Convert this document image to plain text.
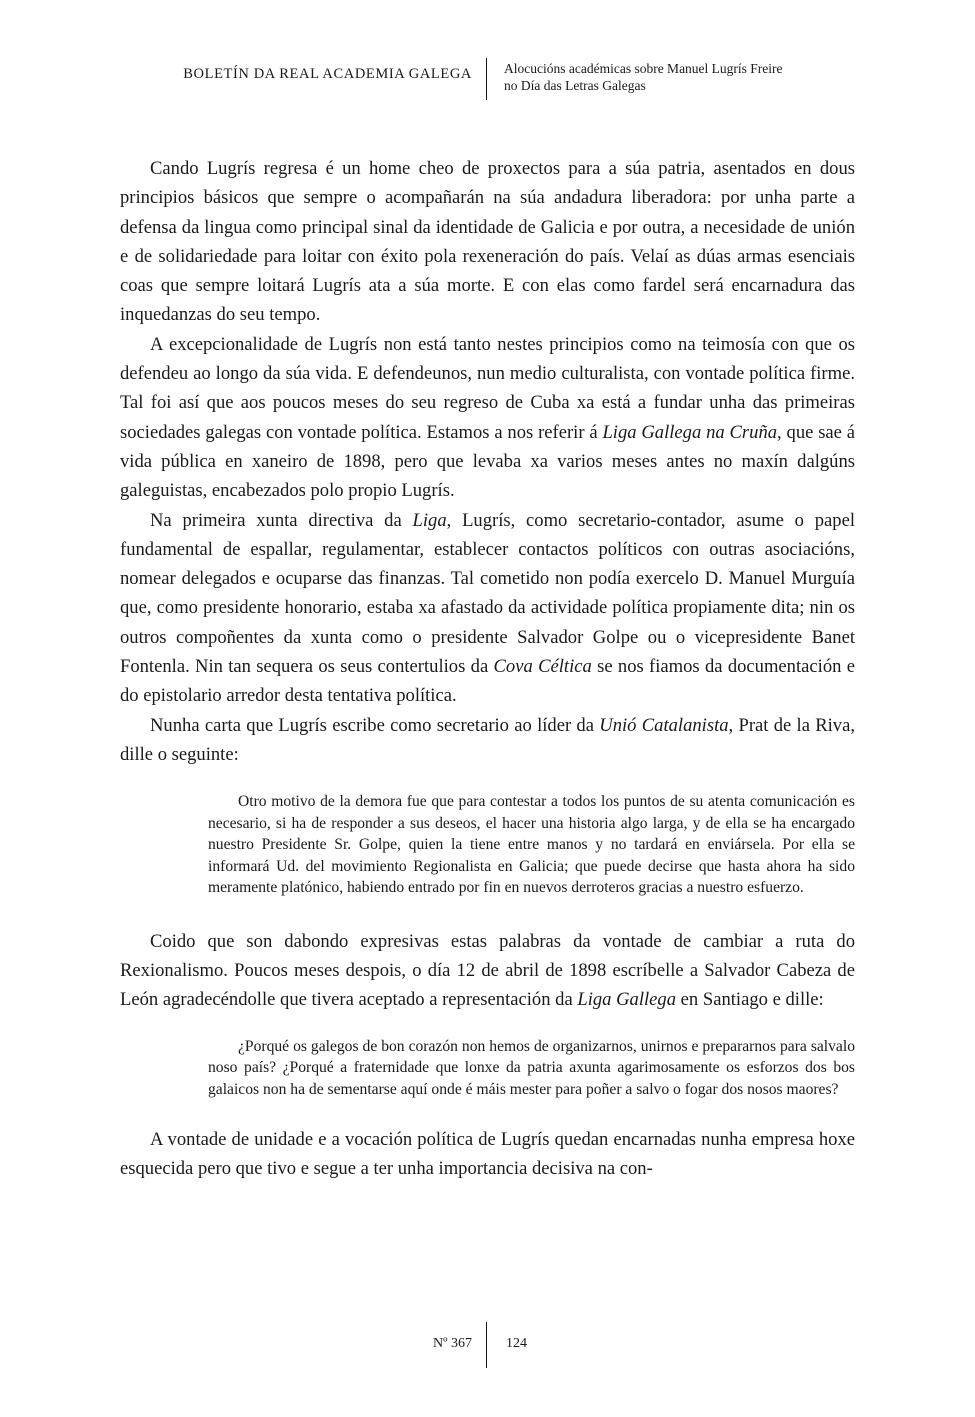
BOLETÍN DA REAL ACADEMIA GALEGA Alocucións académicas sobre Manuel Lugrís Freire
no Día das Letras Galegas

Cando Lugrís regresa é un home cheo de proxectos para a súa patria, asentados en dous principios básicos que sempre o acompañarán na súa andadura liberadora: por unha parte a defensa da lingua como principal sinal da identidade de Galicia e por outra, a necesidade de unión e de solidariedade para loitar con éxito pola rexeneración do país. Velaí as dúas armas esenciais coas que sempre loitará Lugrís ata a súa morte. E con elas como fardel será encarnadura das inquedanzas do seu tempo.

A excepcionalidade de Lugrís non está tanto nestes principios como na teimosía con que os defendeu ao longo da súa vida. E defendeunos, nun medio culturalista, con vontade política firme. Tal foi así que aos poucos meses do seu regreso de Cuba xa está a fundar unha das primeiras sociedades galegas con vontade política. Estamos a nos referir á Liga Gallega na Cruña, que sae á vida pública en xaneiro de 1898, pero que levaba xa varios meses antes no maxín dalgúns galeguistas, encabezados polo propio Lugrís.

Na primeira xunta directiva da Liga, Lugrís, como secretario-contador, asume o papel fundamental de espallar, regulamentar, establecer contactos políticos con outras asociacións, nomear delegados e ocuparse das finanzas. Tal cometido non podía exercelo D. Manuel Murguía que, como presidente honorario, estaba xa afastado da actividade política propiamente dita; nin os outros compoñentes da xunta como o presidente Salvador Golpe ou o vicepresidente Banet Fontenla. Nin tan sequera os seus contertulios da Cova Céltica se nos fiamos da documentación e do epistolario arredor desta tentativa política.

Nunha carta que Lugrís escribe como secretario ao líder da Unió Catalanista, Prat de la Riva, dille o seguinte:

Otro motivo de la demora fue que para contestar a todos los puntos de su atenta comunicación es necesario, si ha de responder a sus deseos, el hacer una historia algo larga, y de ella se ha encargado nuestro Presidente Sr. Golpe, quien la tiene entre manos y no tardará en enviársela. Por ella se informará Ud. del movimiento Regionalista en Galicia; que puede decirse que hasta ahora ha sido meramente platónico, habiendo entrado por fin en nuevos derroteros gracias a nuestro esfuerzo.

Coido que son dabondo expresivas estas palabras da vontade de cambiar a ruta do Rexionalismo. Poucos meses despois, o día 12 de abril de 1898 escríbelle a Salvador Cabeza de León agradecéndolle que tivera aceptado a representación da Liga Gallega en Santiago e dille:

¿Porqué os galegos de bon corazón non hemos de organizarnos, unirnos e prepararnos para salvalo noso país? ¿Porqué a fraternidade que lonxe da patria axunta agarimosamente os esforzos dos bos galaicos non ha de sementarse aquí onde é máis mester para poñer a salvo o fogar dos nosos maores?

A vontade de unidade e a vocación política de Lugrís quedan encarnadas nunha empresa hoxe esquecida pero que tivo e segue a ter unha importancia decisiva na con-

Nº 367 124
